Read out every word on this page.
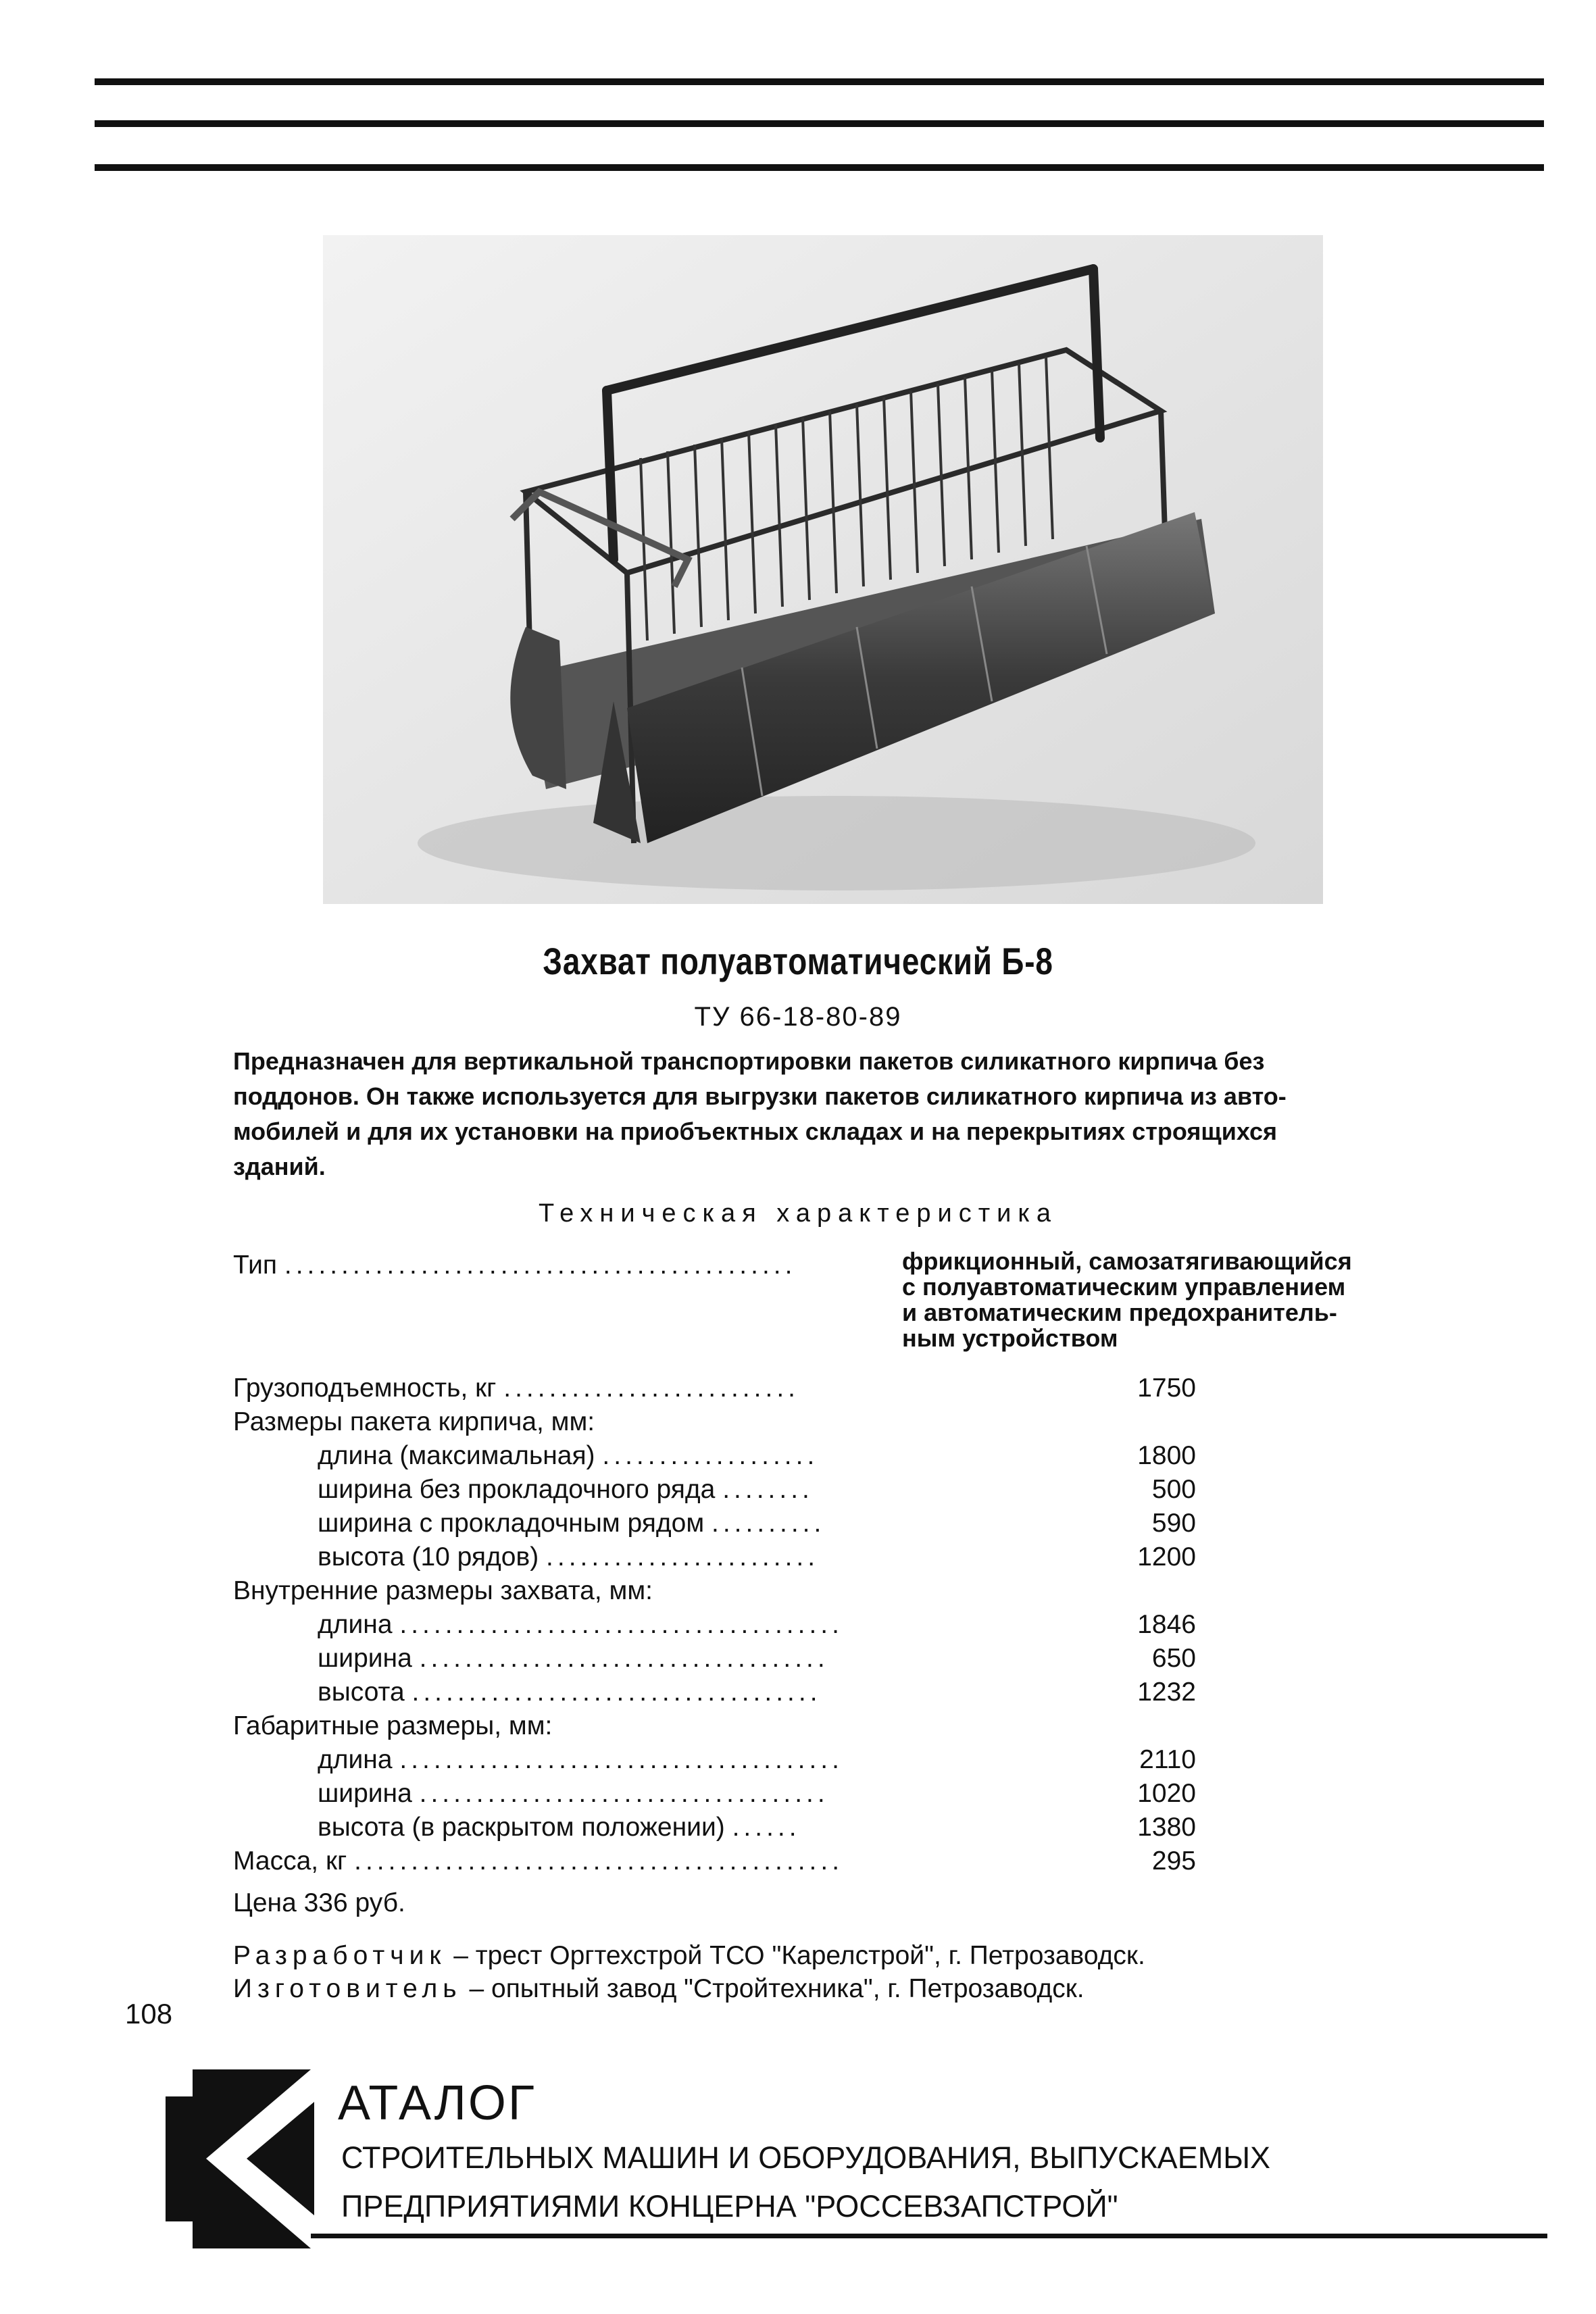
Захват полуавтоматический Б-8
ТУ 66-18-80-89
Предназначен для вертикальной транспортировки пакетов силикатного кирпича без
поддонов. Он также используется для выгрузки пакетов силикатного кирпича из авто-
мобилей и для их установки на приобъектных складах и на перекрытиях строящихся
зданий.
Техническая характеристика
Тип .............................................	фрикционный, самозатягивающийся
с полуавтоматическим управлением
и автоматическим предохранитель-
ным устройством
Грузоподъемность, кг ..........................	1750
Размеры пакета кирпича, мм:
длина (максимальная) ...................	1800
ширина без прокладочного ряда ........	500
ширина с прокладочным рядом ..........	590
высота (10 рядов) ........................	1200
Внутренние размеры захвата, мм:
длина .......................................	1846
ширина ....................................	650
высота ....................................	1232
Габаритные размеры, мм:
длина .......................................	2110
ширина ....................................	1020
высота (в раскрытом положении) ......	1380
Масса, кг ...........................................	295
Цена 336 руб.
Разработчик – трест Оргтехстрой ТСО "Карелстрой", г. Петрозаводск.
Изготовитель – опытный завод "Стройтехника", г. Петрозаводск.
108
АТАЛОГ
СТРОИТЕЛЬНЫХ МАШИН И ОБОРУДОВАНИЯ, ВЫПУСКАЕМЫХ
ПРЕДПРИЯТИЯМИ КОНЦЕРНА "РОССЕВЗАПСТРОЙ"
